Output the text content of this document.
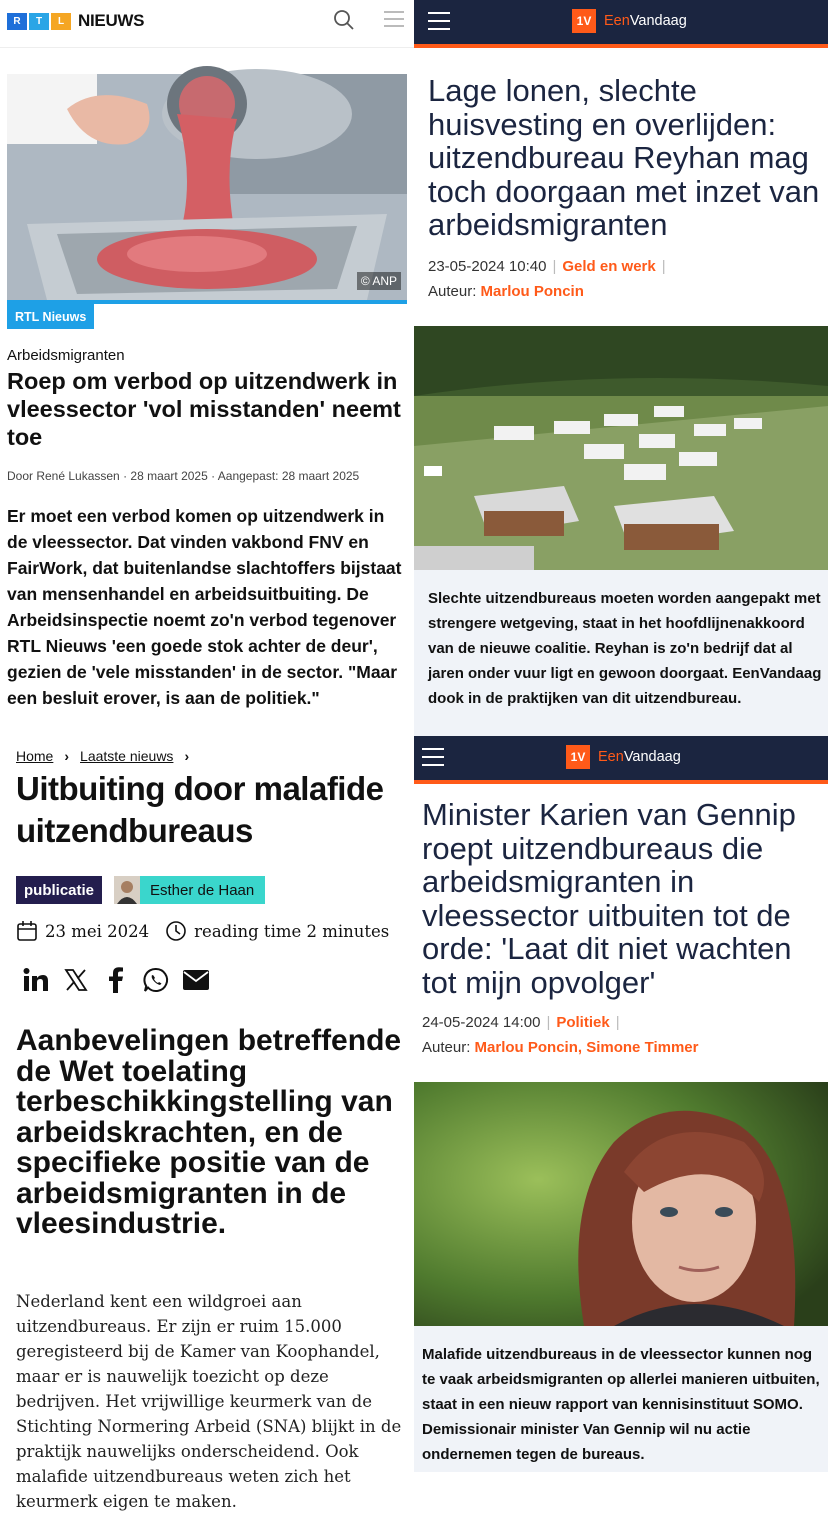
R	T	L NIEUWS
© ANP
RTL Nieuws
Arbeidsmigranten
Roep om verbod op uitzendwerk in vleessector 'vol misstanden' neemt toe
Door René Lukassen · 28 maart 2025 · Aangepast: 28 maart 2025

Er moet een verbod komen op uitzendwerk in de vleessector. Dat vinden vakbond FNV en FairWork, dat buitenlandse slachtoffers bijstaat van mensenhandel en arbeidsuitbuiting. De Arbeidsinspectie noemt zo'n verbod tegenover RTL Nieuws 'een goede stok achter de deur', gezien de 'vele misstanden' in de sector. "Maar een besluit erover, is aan de politiek."

1V EenVandaag
Lage lonen, slechte huisvesting en overlijden: uitzendbureau Reyhan mag toch doorgaan met inzet van arbeidsmigranten
23-05-2024 10:40 | Geld en werk |
Auteur: Marlou Poncin

Slechte uitzendbureaus moeten worden aangepakt met strengere wetgeving, staat in het hoofdlijnenakkoord van de nieuwe coalitie. Reyhan is zo'n bedrijf dat al jaren onder vuur ligt en gewoon doorgaat. EenVandaag dook in de praktijken van dit uitzendbureau.

Home › Laatste nieuws ›
Uitbuiting door malafide uitzendbureaus
publicatie	Esther de Haan
23 mei 2024	reading time 2 minutes
Aanbevelingen betreffende de Wet toelating terbeschikkingstelling van arbeidskrachten, en de specifieke positie van de arbeidsmigranten in de vleesindustrie.

Nederland kent een wildgroei aan uitzendbureaus. Er zijn er ruim 15.000 geregisteerd bij de Kamer van Koophandel, maar er is nauwelijk toezicht op deze bedrijven. Het vrijwillige keurmerk van de Stichting Normering Arbeid (SNA) blijkt in de praktijk nauwelijks onderscheidend. Ook malafide uitzendbureaus weten zich het keurmerk eigen te maken.

1V EenVandaag
Minister Karien van Gennip roept uitzendbureaus die arbeidsmigranten in vleessector uitbuiten tot de orde: 'Laat dit niet wachten tot mijn opvolger'
24-05-2024 14:00 | Politiek |
Auteur: Marlou Poncin, Simone Timmer

Malafide uitzendbureaus in de vleessector kunnen nog te vaak arbeidsmigranten op allerlei manieren uitbuiten, staat in een nieuw rapport van kennisinstituut SOMO. Demissionair minister Van Gennip wil nu actie ondernemen tegen de bureaus.
